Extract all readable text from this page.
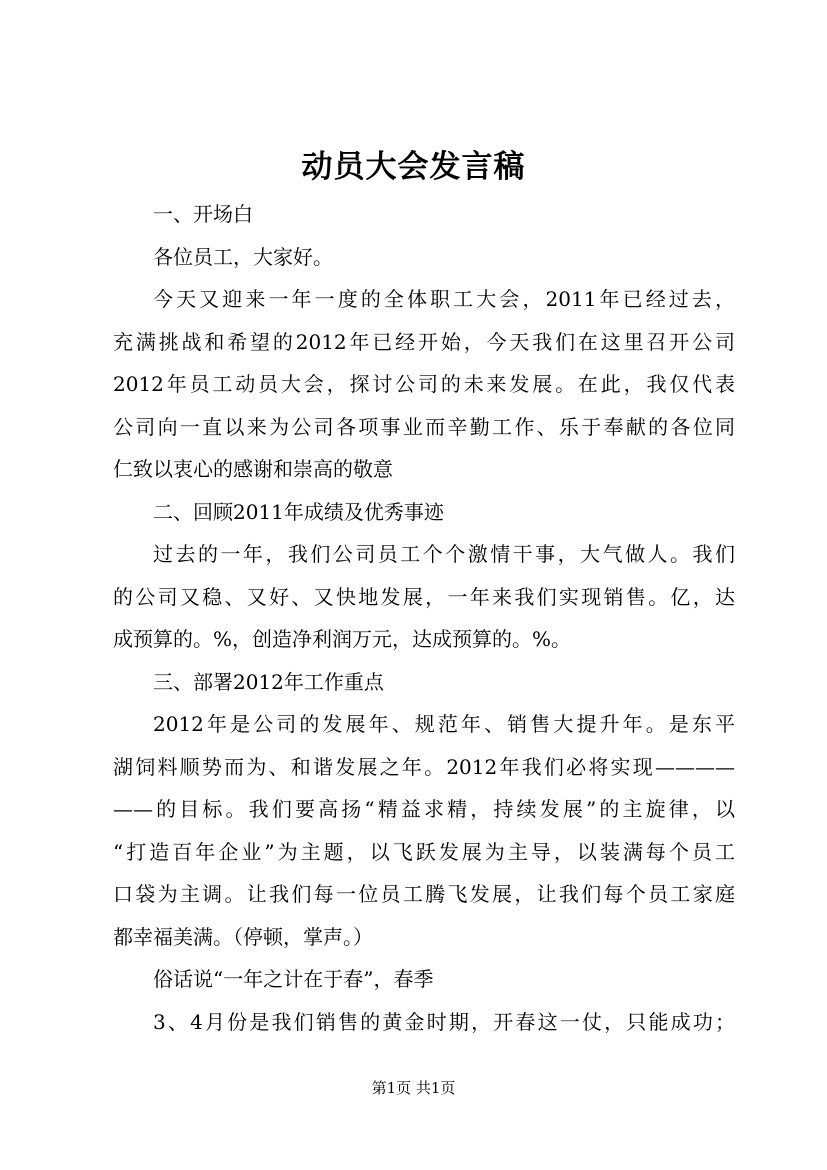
动员大会发言稿
一、开场白
各位员工，大家好。
今天又迎来一年一度的全体职工大会，2011年已经过去，
充满挑战和希望的2012年已经开始，今天我们在这里召开公司
2012年员工动员大会，探讨公司的未来发展。在此，我仅代表
公司向一直以来为公司各项事业而辛勤工作、乐于奉献的各位同
仁致以衷心的感谢和崇高的敬意
二、回顾2011年成绩及优秀事迹
过去的一年，我们公司员工个个激情干事，大气做人。我们
的公司又稳、又好、又快地发展，一年来我们实现销售。亿，达
成预算的。%，创造净利润万元，达成预算的。%。
三、部署2012年工作重点
2012年是公司的发展年、规范年、销售大提升年。是东平
湖饲料顺势而为、和谐发展之年。2012年我们必将实现————
——的目标。我们要高扬“精益求精，持续发展”的主旋律，以
“打造百年企业”为主题，以飞跃发展为主导，以装满每个员工
口袋为主调。让我们每一位员工腾飞发展，让我们每个员工家庭
都幸福美满。（停顿，掌声。）
俗话说“一年之计在于春”，春季
3、4月份是我们销售的黄金时期，开春这一仗，只能成功；
第1页 共1页
